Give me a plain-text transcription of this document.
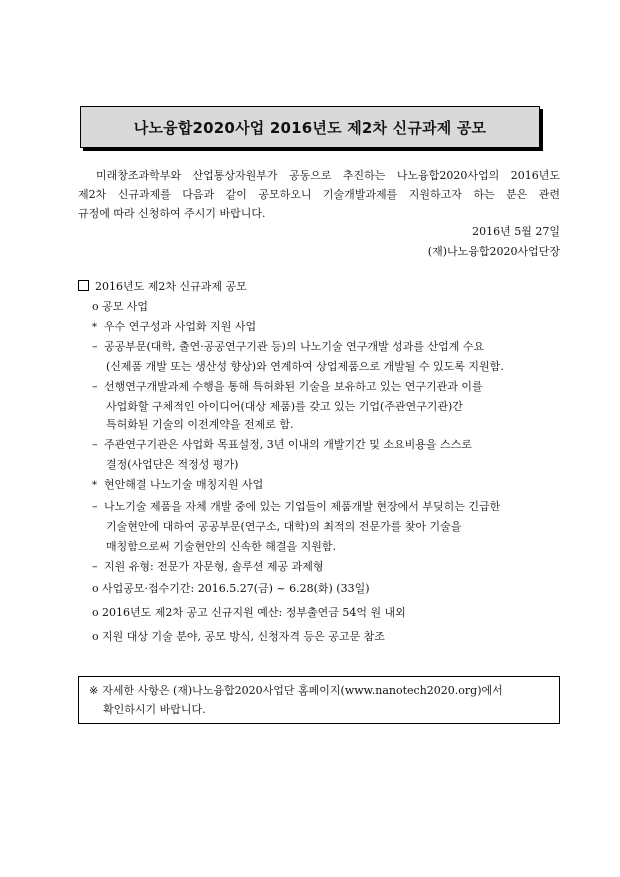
나노융합2020사업 2016년도 제2차 신규과제 공모
미래창조과학부와 산업통상자원부가 공동으로 추진하는 나노융합2020사업의 2016년도
제2차 신규과제를 다음과 같이 공모하오니 기술개발과제를 지원하고자 하는 분은 관련
규정에 따라 신청하여 주시기 바랍니다.
2016년 5월 27일
(재)나노융합2020사업단장
2016년도 제2차 신규과제 공모
ο 공모 사업
* 우수 연구성과 사업화 지원 사업
– 공공부문(대학, 출연·공공연구기관 등)의 나노기술 연구개발 성과를 산업계 수요
(신제품 개발 또는 생산성 향상)와 연계하여 상업제품으로 개발될 수 있도록 지원함.
– 선행연구개발과제 수행을 통해 특허화된 기술을 보유하고 있는 연구기관과 이를
사업화할 구체적인 아이디어(대상 제품)를 갖고 있는 기업(주관연구기관)간
특허화된 기술의 이전계약을 전제로 함.
– 주관연구기관은 사업화 목표설정, 3년 이내의 개발기간 및 소요비용을 스스로
결정(사업단은 적정성 평가)
* 현안해결 나노기술 매칭지원 사업
– 나노기술 제품을 자체 개발 중에 있는 기업들이 제품개발 현장에서 부딪히는 긴급한
기술현안에 대하여 공공부문(연구소, 대학)의 최적의 전문가를 찾아 기술을
매칭함으로써 기술현안의 신속한 해결을 지원함.
– 지원 유형: 전문가 자문형, 솔루션 제공 과제형
ο 사업공모·접수기간: 2016.5.27(금) ~ 6.28(화) (33일)
ο 2016년도 제2차 공고 신규지원 예산: 정부출연금 54억 원 내외
ο 지원 대상 기술 분야, 공모 방식, 신청자격 등은 공고문 참조
※ 자세한 사항은 (재)나노융합2020사업단 홈페이지(www.nanotech2020.org)에서
확인하시기 바랍니다.
